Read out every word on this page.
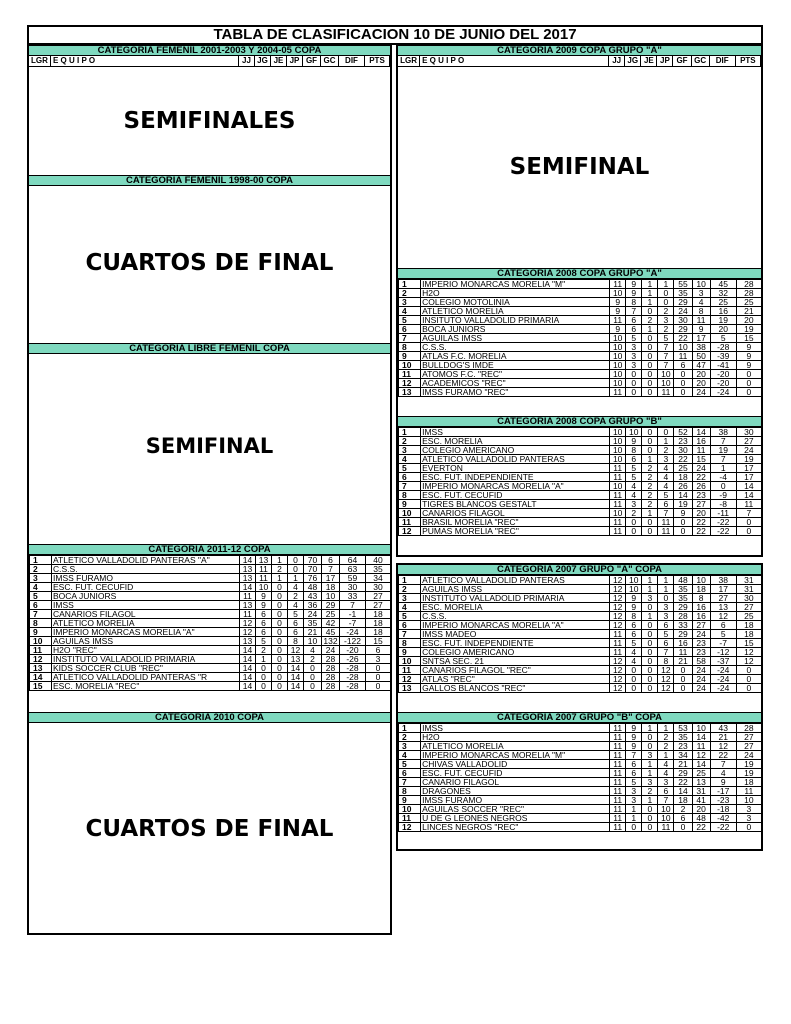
TABLA DE CLASIFICACION 10 DE JUNIO DEL 2017
CATEGORIA FEMENIL 2001-2003 Y 2004-05 COPA
LGR E Q U I P O	JJ JG JE JP GF GC	DIF	PTS
SEMIFINALES
CATEGORIA FEMENIL 1998-00 COPA
CUARTOS DE FINAL
CATEGORIA LIBRE FEMENIL COPA
SEMIFINAL
CATEGORIA 2011-12 COPA
1	ATLETICO VALLADOLID PANTERAS "A"	14	13	1	0	70	6	64	40
2	C.S.S.	13	11	2	0	70	7	63	35
3	IMSS FURAMO	13	11	1	1	76	17	59	34
4	ESC. FUT. CECUFID	14	10	0	4	48	18	30	30
5	BOCA JUNIORS	11	9	0	2	43	10	33	27
6	IMSS	13	9	0	4	36	29	7	27
7	CANARIOS FILAGOL	11	6	0	5	24	25	-1	18
8	ATLETICO MORELIA	12	6	0	6	35	42	-7	18
9	IMPERIO MONARCAS MORELIA "A"	12	6	0	6	21	45	-24	18
10	AGUILAS IMSS	13	5	0	8	10	132	-122	15
11	H2O "REC"	14	2	0	12	4	24	-20	6
12	INSTITUTO VALLADOLID PRIMARIA	14	1	0	13	2	28	-26	3
13	KIDS SOCCER CLUB "REC"	14	0	0	14	0	28	-28	0
14	ATLETICO VALLADOLID PANTERAS "R	14	0	0	14	0	28	-28	0
15	ESC. MORELIA "REC"	14	0	0	14	0	28	-28	0
CATEGORIA 2010 COPA
CUARTOS DE FINAL
CATEGORIA 2009 COPA GRUPO "A"
LGR E Q U I P O	JJ JG JE JP GF GC	DIF	PTS
SEMIFINAL
CATEGORIA 2008 COPA GRUPO "A"
1	IMPERIO MONARCAS MORELIA "M"	11	9	1	1	55	10	45	28
2	H2O	10	9	1	0	35	3	32	28
3	COLEGIO MOTOLINIA	9	8	1	0	29	4	25	25
4	ATLETICO MORELIA	9	7	0	2	24	8	16	21
5	INSITUTO VALLADOLID PRIMARIA	11	6	2	3	30	11	19	20
6	BOCA JUNIORS	9	6	1	2	29	9	20	19
7	AGUILAS IMSS	10	5	0	5	22	17	5	15
8	C.S.S.	10	3	0	7	10	38	-28	9
9	ATLAS F.C. MORELIA	10	3	0	7	11	50	-39	9
10	BULLDOG'S IMDE	10	3	0	7	6	47	-41	9
11	ATOMOS F.C. "REC"	10	0	0	10	0	20	-20	0
12	ACADEMICOS "REC"	10	0	0	10	0	20	-20	0
13	IMSS FURAMO "REC"	11	0	0	11	0	24	-24	0
CATEGORIA 2008 COPA GRUPO "B"
1	IMSS	10	10	0	0	52	14	38	30
2	ESC. MORELIA	10	9	0	1	23	16	7	27
3	COLEGIO AMERICANO	10	8	0	2	30	11	19	24
4	ATLETICO VALLADOLID PANTERAS	10	6	1	3	22	15	7	19
5	EVERTON	11	5	2	4	25	24	1	17
6	ESC. FUT. INDEPENDIENTE	11	5	2	4	18	22	-4	17
7	IMPERIO MONARCAS MORELIA "A"	10	4	2	4	26	26	0	14
8	ESC. FUT. CECUFID	11	4	2	5	14	23	-9	14
9	TIGRES BLANCOS GESTALT	11	3	2	6	19	27	-8	11
10	CANARIOS FILAGOL	10	2	1	7	9	20	-11	7
11	BRASIL MORELIA "REC"	11	0	0	11	0	22	-22	0
12	PUMAS MORELIA "REC"	11	0	0	11	0	22	-22	0
CATEGORIA 2007 GRUPO "A" COPA
1	ATLETICO VALLADOLID PANTERAS	12	10	1	1	48	10	38	31
2	AGUILAS IMSS	12	10	1	1	35	18	17	31
3	INSTITUTO VALLADOLID PRIMARIA	12	9	3	0	35	8	27	30
4	ESC. MORELIA	12	9	0	3	29	16	13	27
5	C.S.S.	12	8	1	3	28	16	12	25
6	IMPERIO MONARCAS MORELIA "A"	12	6	0	6	33	27	6	18
7	IMSS MADEO	11	6	0	5	29	24	5	18
8	ESC. FUT. INDEPENDIENTE	11	5	0	6	16	23	-7	15
9	COLEGIO AMERICANO	11	4	0	7	11	23	-12	12
10	SNTSA SEC. 21	12	4	0	8	21	58	-37	12
11	CANARIOS FILAGOL "REC"	12	0	0	12	0	24	-24	0
12	ATLAS "REC"	12	0	0	12	0	24	-24	0
13	GALLOS BLANCOS "REC"	12	0	0	12	0	24	-24	0
CATEGORIA 2007 GRUPO "B" COPA
1	IMSS	11	9	1	1	53	10	43	28
2	H2O	11	9	0	2	35	14	21	27
3	ATLETICO MORELIA	11	9	0	2	23	11	12	27
4	IMPERIO MONARCAS MORELIA "M"	11	7	3	1	34	12	22	24
5	CHIVAS VALLADOLID	11	6	1	4	21	14	7	19
6	ESC. FUT. CECUFID	11	6	1	4	29	25	4	19
7	CANARIO FILAGOL	11	5	3	3	22	13	9	18
8	DRAGONES	11	3	2	6	14	31	-17	11
9	IMSS FURAMO	11	3	1	7	18	41	-23	10
10	AGUILAS SOCCER "REC"	11	1	0	10	2	20	-18	3
11	U DE G LEONES NEGROS	11	1	0	10	6	48	-42	3
12	LINCES NEGROS "REC"	11	0	0	11	0	22	-22	0
